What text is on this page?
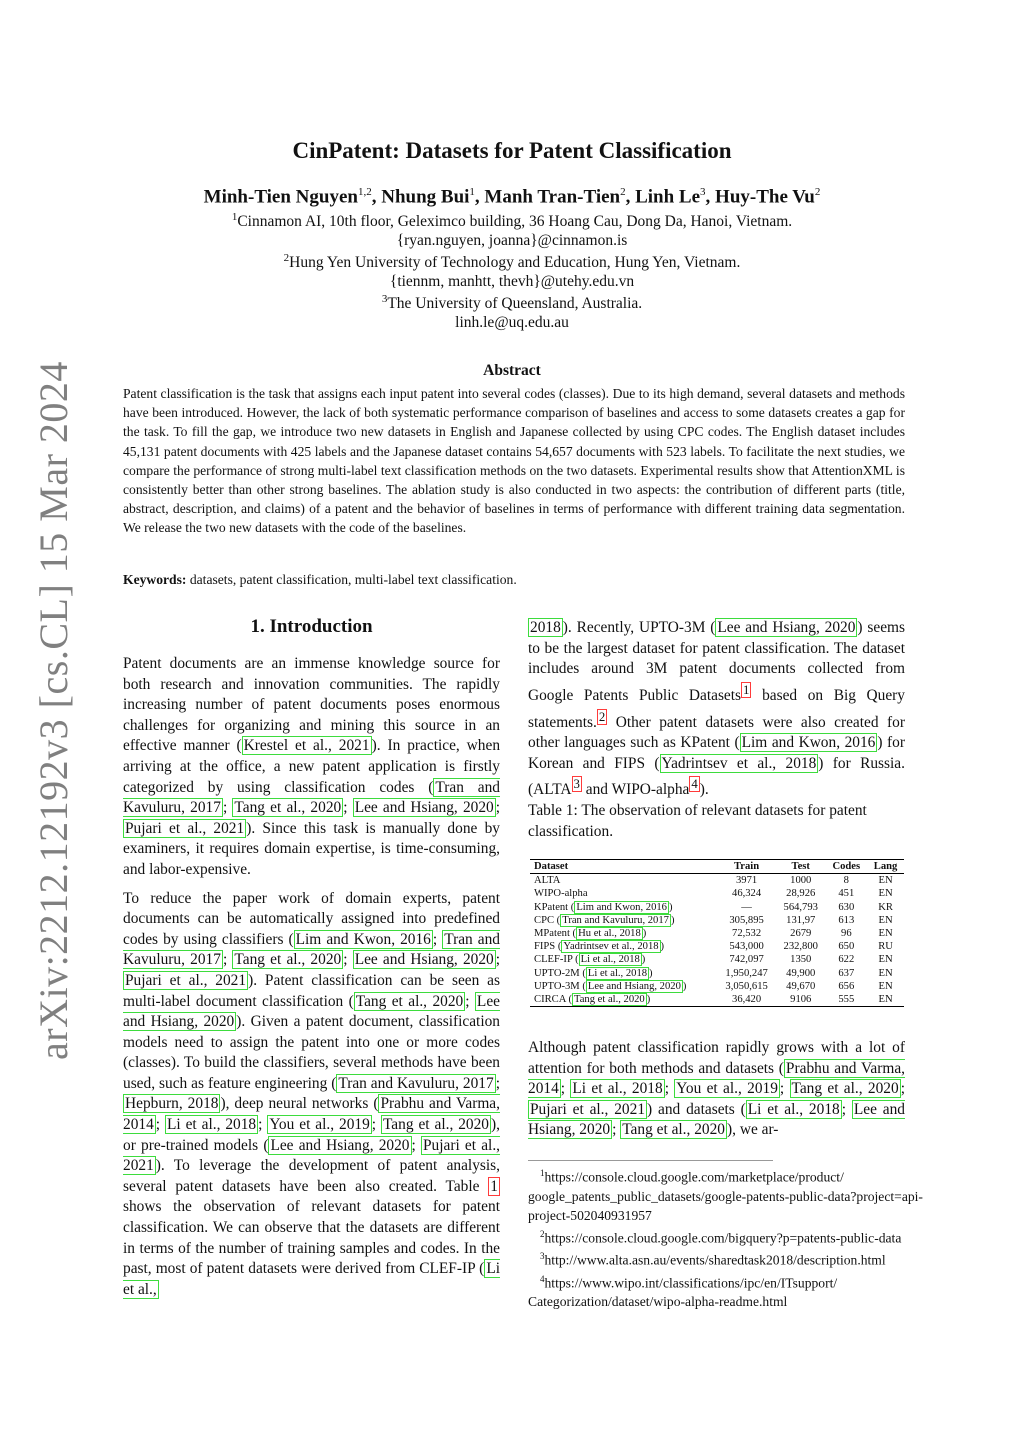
arXiv:2212.12192v3 [cs.CL] 15 Mar 2024
CinPatent: Datasets for Patent Classification
Minh-Tien Nguyen$^{1,2}$, Nhung Bui$^1$, Manh Tran-Tien$^2$, Linh Le$^3$, Huy-The Vu$^2$
$^1$Cinnamon AI, 10th floor, Geleximco building, 36 Hoang Cau, Dong Da, Hanoi, Vietnam.
{ryan.nguyen, joanna}@cinnamon.is
$^2$Hung Yen University of Technology and Education, Hung Yen, Vietnam.
{tiennm, manhtt, thevh}@utehy.edu.vn
$^3$The University of Queensland, Australia.
linh.le@uq.edu.au
Abstract
Patent classification is the task that assigns each input patent into several codes (classes). Due to its high demand, several datasets and methods have been introduced. However, the lack of both systematic performance comparison of baselines and access to some datasets creates a gap for the task. To fill the gap, we introduce two new datasets in English and Japanese collected by using CPC codes. The English dataset includes 45,131 patent documents with 425 labels and the Japanese dataset contains 54,657 documents with 523 labels. To facilitate the next studies, we compare the performance of strong multi-label text classification methods on the two datasets. Experimental results show that AttentionXML is consistently better than other strong baselines. The ablation study is also conducted in two aspects: the contribution of different parts (title, abstract, description, and claims) of a patent and the behavior of baselines in terms of performance with different training data segmentation. We release the two new datasets with the code of the baselines.
Keywords: datasets, patent classification, multi-label text classification.
1. Introduction

Patent documents are an immense knowledge source for both research and innovation communities. The rapidly increasing number of patent documents poses enormous challenges for organizing and mining this source in an effective manner ( Krestel et al., 2021 ). In practice, when arriving at the office, a new patent application is firstly categorized by using classification codes ( Tran and Kavuluru, 2017 ; Tang et al., 2020 ; Lee and Hsiang, 2020 ; Pujari et al., 2021 ). Since this task is manually done by examiners, it requires domain expertise, is time-consuming, and labor-expensive.

To reduce the paper work of domain experts, patent documents can be automatically assigned into predefined codes by using classifiers ( Lim and Kwon, 2016 ; Tran and Kavuluru, 2017 ; Tang et al., 2020 ; Lee and Hsiang, 2020 ; Pujari et al., 2021 ). Patent classification can be seen as multi-label document classification ( Tang et al., 2020 ; Lee and Hsiang, 2020 ). Given a patent document, classification models need to assign the patent into one or more codes (classes). To build the classifiers, several methods have been used, such as feature engineering ( Tran and Kavuluru, 2017 ; Hepburn, 2018 ), deep neural networks ( Prabhu and Varma, 2014 ; Li et al., 2018 ; You et al., 2019 ; Tang et al., 2020 ), or pre-trained models ( Lee and Hsiang, 2020 ; Pujari et al., 2021 ). To leverage the development of patent analysis, several patent datasets have been also created. Table 1 shows the observation of relevant datasets for patent classification. We can observe that the datasets are different in terms of the number of training samples and codes. In the past, most of patent datasets were derived from CLEF-IP ( Li et al.,

2018 ). Recently, UPTO-3M ( Lee and Hsiang, 2020 ) seems to be the largest dataset for patent classification. The dataset includes around 3M patent documents collected from Google Patents Public Datasets $^1$ based on Big Query statements. $^2$ Other patent datasets were also created for other languages such as KPatent ( Lim and Kwon, 2016 ) for Korean and FIPS ( Yadrintsev et al., 2018 ) for Russia. (ALTA $^3$ and WIPO-alpha $^4$ ).

Table 1: The observation of relevant datasets for patent classification.
Dataset	Train	Test	Codes	Lang
ALTA	3971	1000	8	EN
WIPO-alpha	46,324	28,926	451	EN
KPatent ( Lim and Kwon, 2016 )	—	564,793	630	KR
CPC ( Tran and Kavuluru, 2017 )	305,895	131,97	613	EN
MPatent ( Hu et al., 2018 )	72,532	2679	96	EN
FIPS ( Yadrintsev et al., 2018 )	543,000	232,800	650	RU
CLEF-IP ( Li et al., 2018 )	742,097	1350	622	EN
UPTO-2M ( Li et al., 2018 )	1,950,247	49,900	637	EN
UPTO-3M ( Lee and Hsiang, 2020 )	3,050,615	49,670	656	EN
CIRCA ( Tang et al., 2020 )	36,420	9106	555	EN

Although patent classification rapidly grows with a lot of attention for both methods and datasets ( Prabhu and Varma, 2014 ; Li et al., 2018 ; You et al., 2019 ; Tang et al., 2020 ; Pujari et al., 2021 ) and datasets ( Li et al., 2018 ; Lee and Hsiang, 2020 ; Tang et al., 2020 ), we ar-

$^1$https://console.cloud.google.com/marketplace/product/ google_patents_public_datasets/google-patents-public-data?project=api-project-502040931957
$^2$https://console.cloud.google.com/bigquery?p=patents-public-data
$^3$http://www.alta.asn.au/events/sharedtask2018/description.html
$^4$https://www.wipo.int/classifications/ipc/en/ITsupport/ Categorization/dataset/wipo-alpha-readme.html
